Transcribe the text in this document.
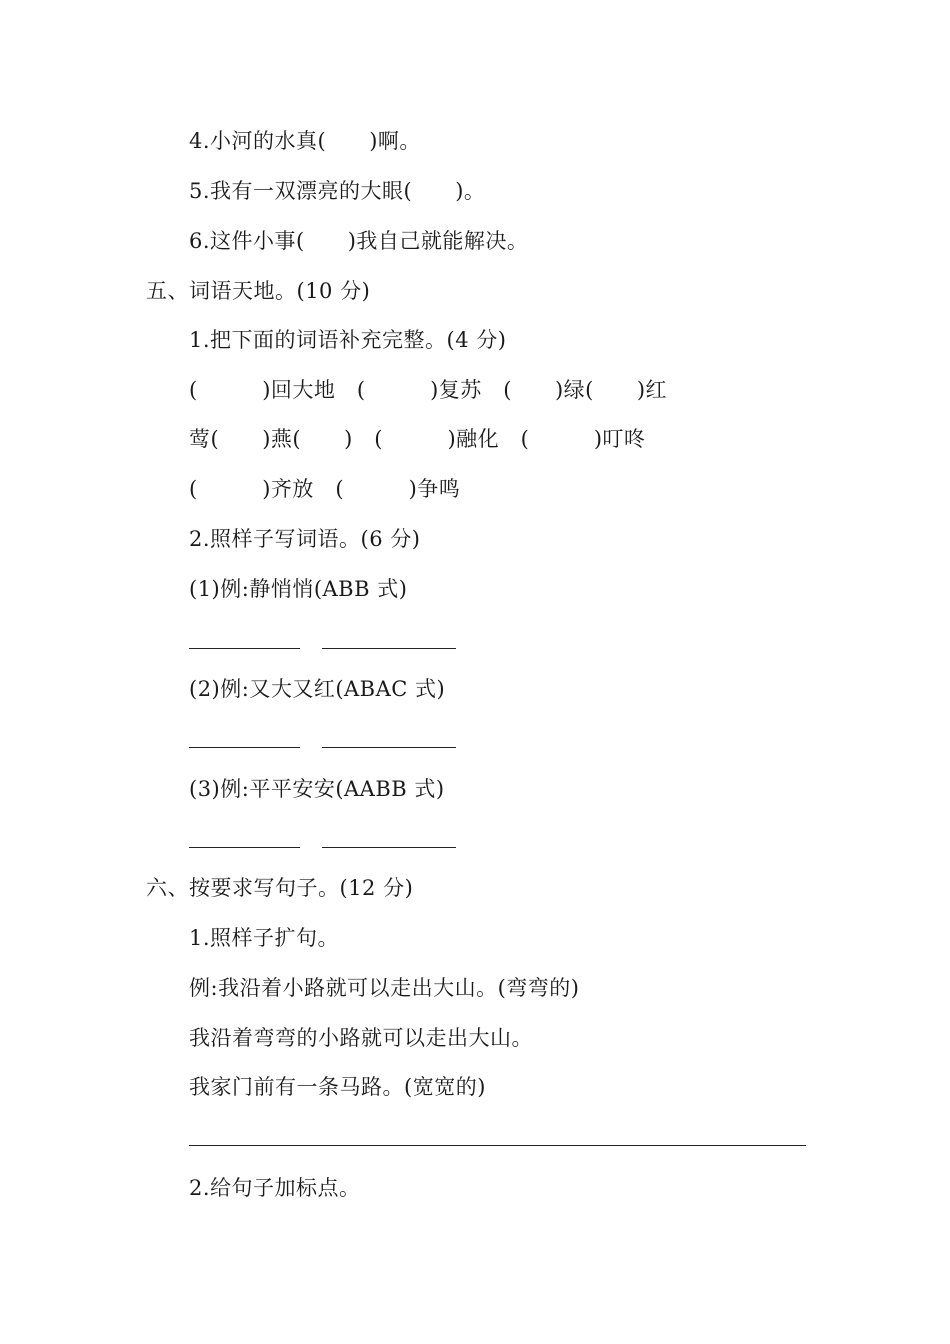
4.小河的水真(　　)啊。
5.我有一双漂亮的大眼(　　)。
6.这件小事(　　)我自己就能解决。
五、词语天地。(10 分)
1.把下面的词语补充完整。(4 分)
(　　　)回大地　(　　　)复苏　(　　)绿(　　)红
莺(　　)燕(　　)　(　　　)融化　(　　　)叮咚
(　　　)齐放　(　　　)争鸣
2.照样子写词语。(6 分)
(1)例:静悄悄(ABB 式)
(2)例:又大又红(ABAC 式)
(3)例:平平安安(AABB 式)
六、按要求写句子。(12 分)
1.照样子扩句。
例:我沿着小路就可以走出大山。(弯弯的)
我沿着弯弯的小路就可以走出大山。
我家门前有一条马路。(宽宽的)
2.给句子加标点。
